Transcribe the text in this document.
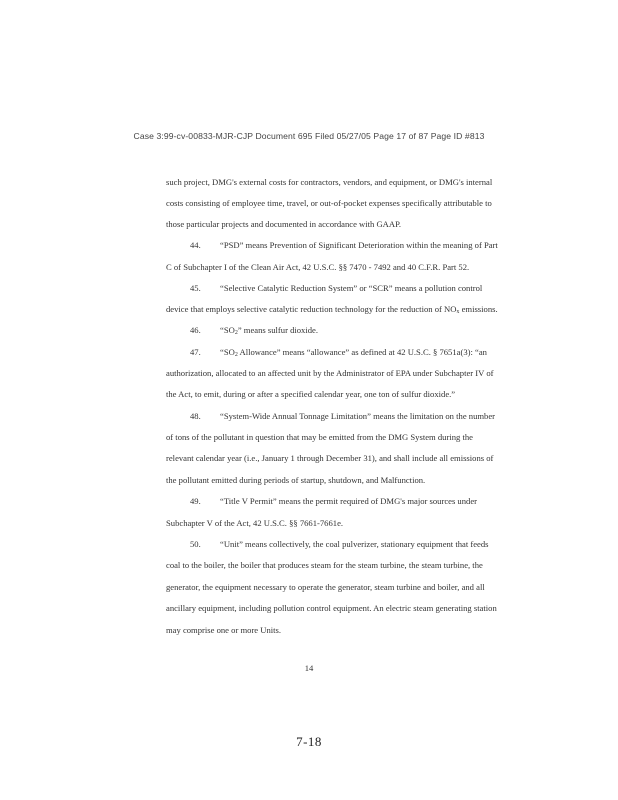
Case 3:99-cv-00833-MJR-CJP Document 695 Filed 05/27/05 Page 17 of 87 Page ID #813
such project, DMG's external costs for contractors, vendors, and equipment, or DMG's internal
costs consisting of employee time, travel, or out-of-pocket expenses specifically attributable to
those particular projects and documented in accordance with GAAP.
44. “PSD” means Prevention of Significant Deterioration within the meaning of Part
C of Subchapter I of the Clean Air Act, 42 U.S.C. §§ 7470 - 7492 and 40 C.F.R. Part 52.
45. “Selective Catalytic Reduction System” or “SCR” means a pollution control
device that employs selective catalytic reduction technology for the reduction of $NO_x$ emissions.
46. “$SO_2$” means sulfur dioxide.
47. “$SO_2$ Allowance” means “allowance” as defined at 42 U.S.C. § 7651a(3): “an
authorization, allocated to an affected unit by the Administrator of EPA under Subchapter IV of
the Act, to emit, during or after a specified calendar year, one ton of sulfur dioxide.”
48. “System-Wide Annual Tonnage Limitation” means the limitation on the number
of tons of the pollutant in question that may be emitted from the DMG System during the
relevant calendar year (i.e., January 1 through December 31), and shall include all emissions of
the pollutant emitted during periods of startup, shutdown, and Malfunction.
49. “Title V Permit” means the permit required of DMG's major sources under
Subchapter V of the Act, 42 U.S.C. §§ 7661-7661e.
50. “Unit” means collectively, the coal pulverizer, stationary equipment that feeds
coal to the boiler, the boiler that produces steam for the steam turbine, the steam turbine, the
generator, the equipment necessary to operate the generator, steam turbine and boiler, and all
ancillary equipment, including pollution control equipment. An electric steam generating station
may comprise one or more Units.
14
7-18
